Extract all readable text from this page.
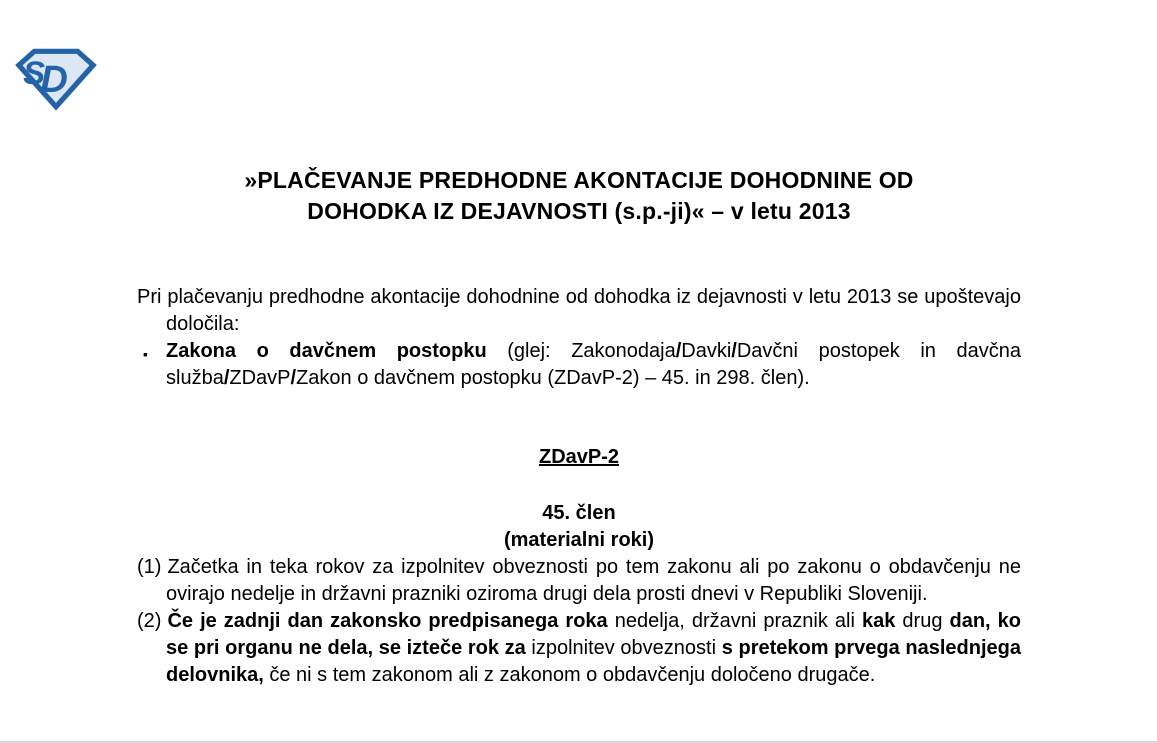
S
D
»PLAČEVANJE PREDHODNE AKONTACIJE DOHODNINE OD
DOHODKA IZ DEJAVNOSTI (s.p.-ji)« – v letu 2013

Pri plačevanju predhodne akontacije dohodnine od dohodka iz dejavnosti v letu 2013 se upoštevajo določila:

▪ Zakona o davčnem postopku (glej: Zakonodaja/Davki/Davčni postopek in davčna služba/ZDavP/Zakon o davčnem postopku (ZDavP-2) – 45. in 298. člen).

ZDavP-2
45. člen
(materialni roki)

(1) Začetka in teka rokov za izpolnitev obveznosti po tem zakonu ali po zakonu o obdavčenju ne ovirajo nedelje in državni prazniki oziroma drugi dela prosti dnevi v Republiki Sloveniji.

(2) Če je zadnji dan zakonsko predpisanega roka nedelja, državni praznik ali kak drug dan, ko se pri organu ne dela, se izteče rok za izpolnitev obveznosti s pretekom prvega naslednjega delovnika, če ni s tem zakonom ali z zakonom o obdavčenju določeno drugače.
